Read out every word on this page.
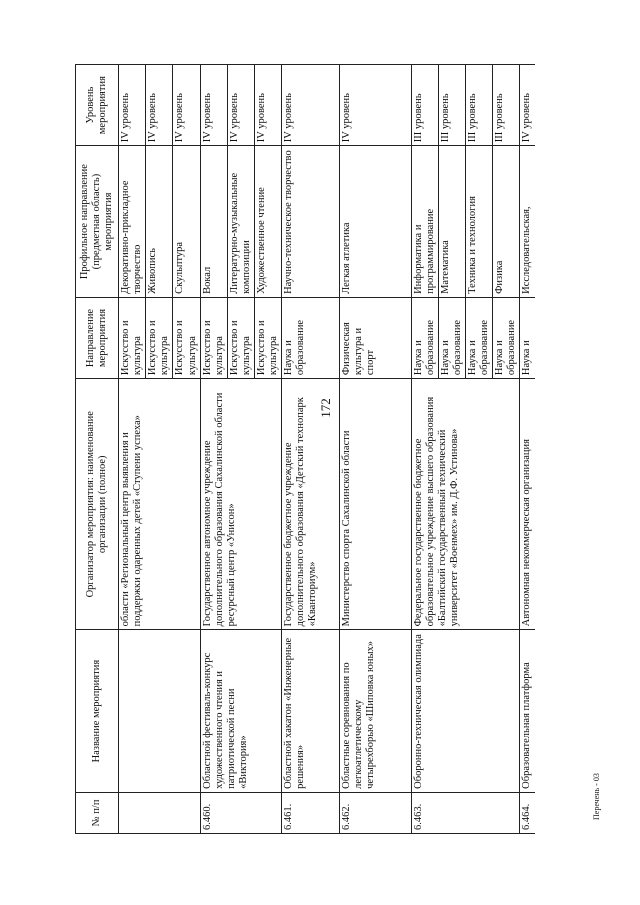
172
№ п/п	Название мероприятия	Организатор мероприятия: наименование организации (полное)	Направление мероприятия	Профильное направление (предметная область) мероприятия	Уровень мероприятия
		области «Региональный центр выявления и поддержки одаренных детей «Ступени успеха»	Искусство и культура	Декоративно-прикладное творчество	IV уровень
			Искусство и культура	Живопись	IV уровень
			Искусство и культура	Скульптура	IV уровень
6.460.	Областной фестиваль-конкурс художественного чтения и патриотической песни «Виктория»	Государственное автономное учреждение дополнительного образования Сахалинской области ресурсный центр «Унисон»	Искусство и культура	Вокал	IV уровень
			Искусство и культура	Литературно-музыкальные композиции	IV уровень
			Искусство и культура	Художественное чтение	IV уровень
6.461.	Областной хакатон «Инженерные решения»	Государственное бюджетное учреждение дополнительного образования «Детский технопарк «Кванториум»	Наука и образование	Научно-техническое творчество	IV уровень
6.462.	Областные соревнования по легкоатлетическому четырехборью «Шиповка юных»	Министерство спорта Сахалинской области	Физическая культура и спорт	Легкая атлетика	IV уровень
6.463.	Оборонно-техническая олимпиада	Федеральное государственное бюджетное образовательное учреждение высшего образования «Балтийский государственный технический университет «Военмех» им. Д.Ф. Устинова»	Наука и образование	Информатика и программирование	III уровень
			Наука и образование	Математика	III уровень
			Наука и образование	Техника и технология	III уровень
			Наука и образование	Физика	III уровень
6.464.	Образовательная платформа	Автономная некоммерческая организация	Наука и	Исследовательская,	IV уровень
Перечень - 03
